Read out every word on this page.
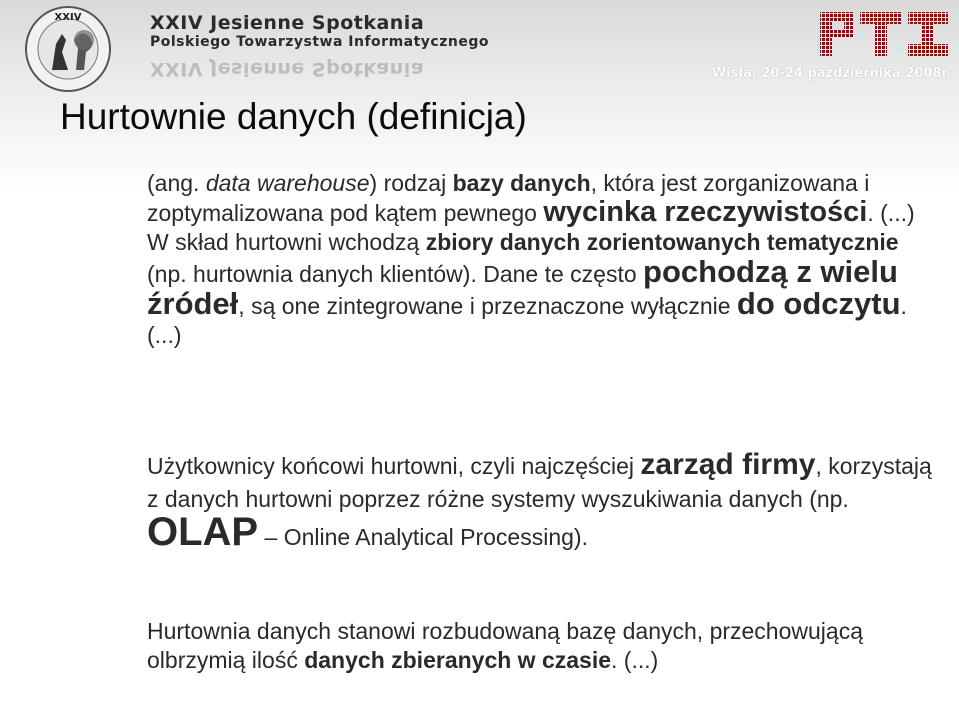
XXIV	XXIV Jesienne Spotkania
Polskiego Towarzystwa Informatycznego
XXIV Jesienne Spotkania	Wisła, 20-24 października 2008r.
Hurtownie danych (definicja)
(ang. data warehouse) rodzaj bazy danych, która jest zorganizowana i zoptymalizowana pod kątem pewnego wycinka rzeczywistości. (...) W skład hurtowni wchodzą zbiory danych zorientowanych tematycznie (np. hurtownia danych klientów). Dane te często pochodzą z wielu źródeł, są one zintegrowane i przeznaczone wyłącznie do odczytu. (...)
Użytkownicy końcowi hurtowni, czyli najczęściej zarząd firmy, korzystają z danych hurtowni poprzez różne systemy wyszukiwania danych (np. OLAP – Online Analytical Processing).
Hurtownia danych stanowi rozbudowaną bazę danych, przechowującą olbrzymią ilość danych zbieranych w czasie. (...)
